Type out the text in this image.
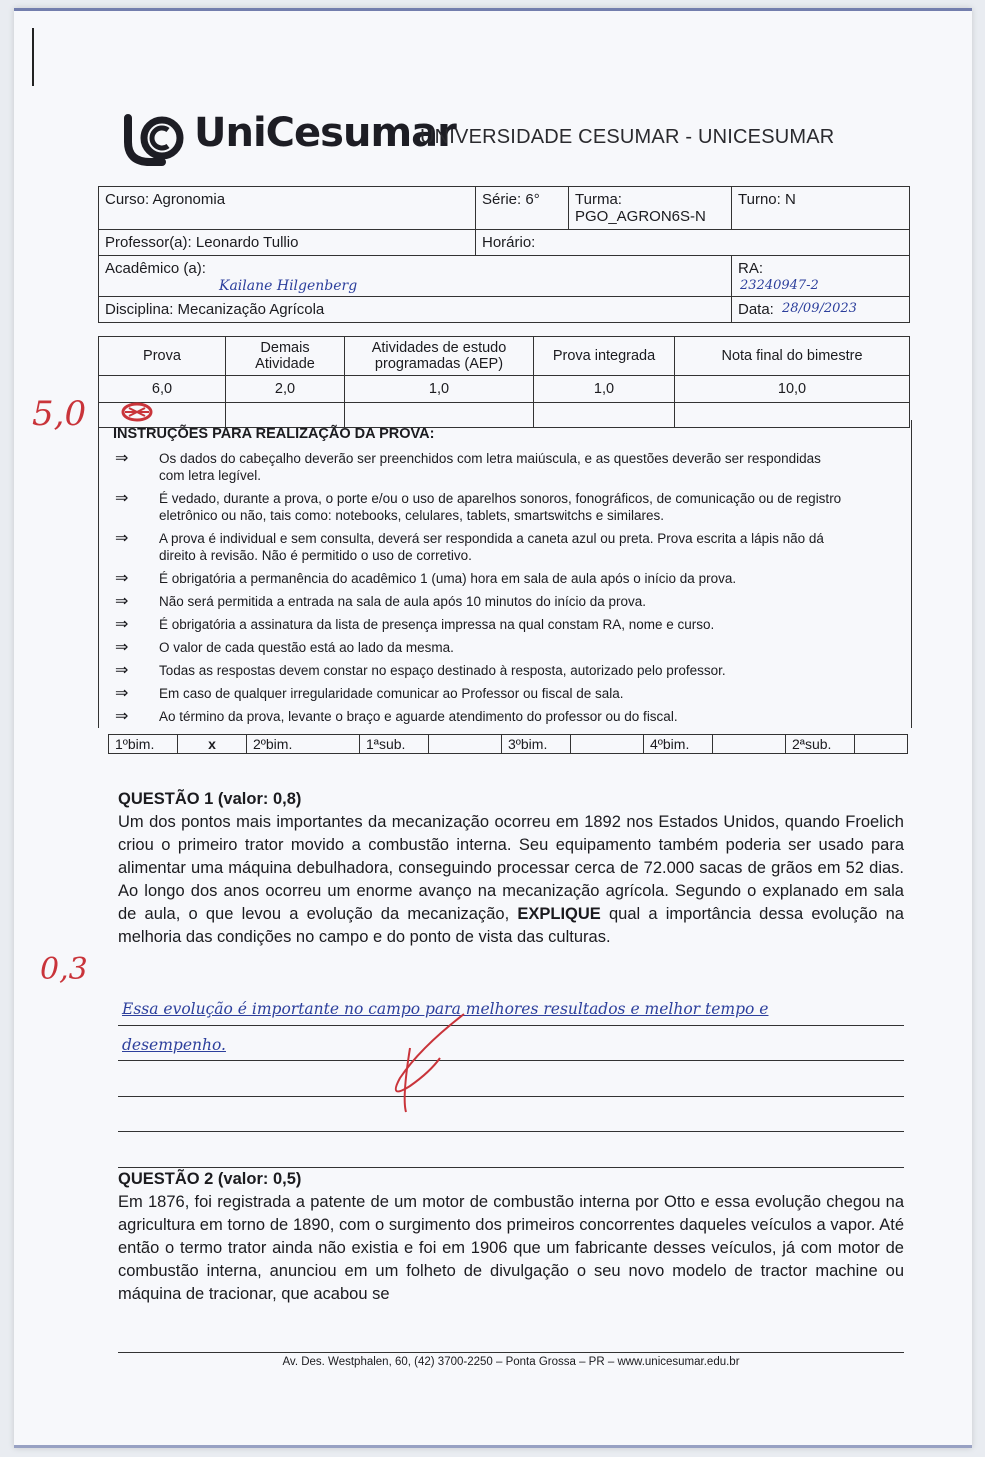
UniCesumar
UNIVERSIDADE CESUMAR - UNICESUMAR
Curso: Agronomia	Série: 6°	Turma:
PGO_AGRON6S-N	Turno: N
Professor(a): Leonardo Tullio	Horário:		
Acadêmico (a):
Kailane Hilgenberg			RA:
23240947-2

Disciplina: Mecanização Agrícola			Data: 28/09/2023
Prova	Demais Atividade	Atividades de estudo programadas (AEP)	Prova integrada	Nota final do bimestre
6,0	2,0	1,0	1,0	10,0

5,0 INSTRUÇÕES PARA REALIZAÇÃO DA PROVA:
⇒ Os dados do cabeçalho deverão ser preenchidos com letra maiúscula, e as questões deverão ser respondidas com letra legível.
⇒ É vedado, durante a prova, o porte e/ou o uso de aparelhos sonoros, fonográficos, de comunicação ou de registro eletrônico ou não, tais como: notebooks, celulares, tablets, smartswitchs e similares.
⇒ A prova é individual e sem consulta, deverá ser respondida a caneta azul ou preta. Prova escrita a lápis não dá direito à revisão. Não é permitido o uso de corretivo.
⇒ É obrigatória a permanência do acadêmico 1 (uma) hora em sala de aula após o início da prova.
⇒ Não será permitida a entrada na sala de aula após 10 minutos do início da prova.
⇒ É obrigatória a assinatura da lista de presença impressa na qual constam RA, nome e curso.
⇒ O valor de cada questão está ao lado da mesma.
⇒ Todas as respostas devem constar no espaço destinado à resposta, autorizado pelo professor.
⇒ Em caso de qualquer irregularidade comunicar ao Professor ou fiscal de sala.
⇒ Ao término da prova, levante o braço e aguarde atendimento do professor ou do fiscal.
1ºbim.	x	2ºbim.	1ªsub.		3ºbim.		4ºbim.		2ªsub.	
QUESTÃO 1 (valor: 0,8)
Um dos pontos mais importantes da mecanização ocorreu em 1892 nos Estados Unidos, quando Froelich criou o primeiro trator movido a combustão interna. Seu equipamento também poderia ser usado para alimentar uma máquina debulhadora, conseguindo processar cerca de 72.000 sacas de grãos em 52 dias. Ao longo dos anos ocorreu um enorme avanço na mecanização agrícola. Segundo o explanado em sala de aula, o que levou a evolução da mecanização, EXPLIQUE qual a importância dessa evolução na melhoria das condições no campo e do ponto de vista das culturas.
0,3
Essa evolução é importante no campo para melhores resultados e melhor tempo e
desempenho.
QUESTÃO 2 (valor: 0,5)
Em 1876, foi registrada a patente de um motor de combustão interna por Otto e essa evolução chegou na agricultura em torno de 1890, com o surgimento dos primeiros concorrentes daqueles veículos a vapor. Até então o termo trator ainda não existia e foi em 1906 que um fabricante desses veículos, já com motor de combustão interna, anunciou em um folheto de divulgação o seu novo modelo de tractor machine ou máquina de tracionar, que acabou se
Av. Des. Westphalen, 60, (42) 3700-2250 – Ponta Grossa – PR – www.unicesumar.edu.br
